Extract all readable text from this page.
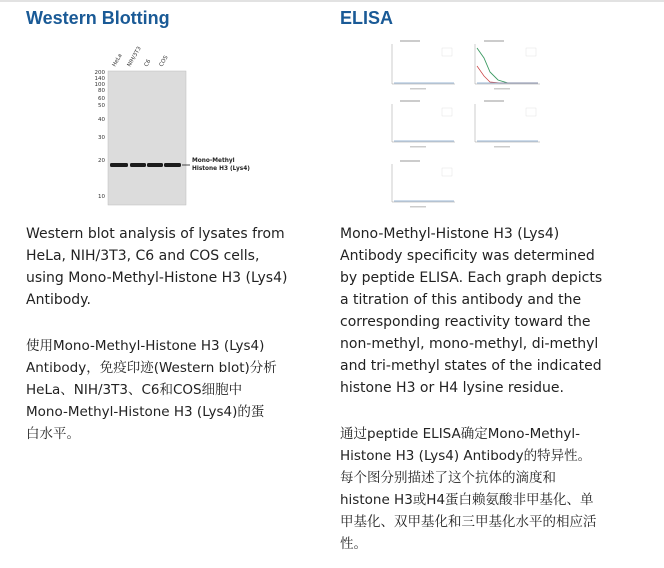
Western Blotting
HeLa NIH/3T3 C6 COS
200
140
100
80
60
50
40
30
20
10
Mono-Methyl
Histone H3 (Lys4)
Western blot analysis of lysates from
HeLa, NIH/3T3, C6 and COS cells,
using Mono-Methyl-Histone H3 (Lys4)
Antibody.
使用Mono-Methyl-Histone H3 (Lys4)
Antibody，免疫印迹(Western blot)分析
HeLa、NIH/3T3、C6和COS细胞中
Mono-Methyl-Histone H3 (Lys4)的蛋
白水平。
ELISA
Mono-Methyl-Histone H3 (Lys4)
Antibody specificity was determined
by peptide ELISA. Each graph depicts
a titration of this antibody and the
corresponding reactivity toward the
non-methyl, mono-methyl, di-methyl
and tri-methyl states of the indicated
histone H3 or H4 lysine residue.
通过peptide ELISA确定Mono-Methyl-
Histone H3 (Lys4) Antibody的特异性。
每个图分别描述了这个抗体的滴度和
histone H3或H4蛋白赖氨酸非甲基化、单
甲基化、双甲基化和三甲基化水平的相应活
性。
